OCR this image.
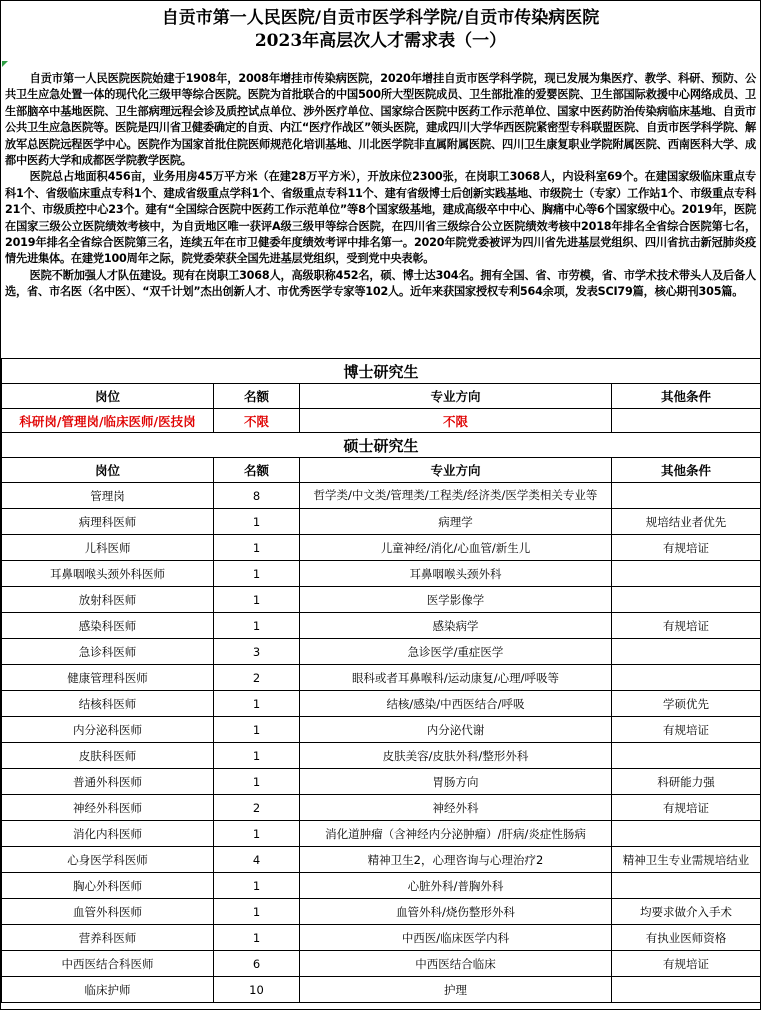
自贡市第一人民医院/自贡市医学科学院/自贡市传染病医院
2023年高层次人才需求表（一）

自贡市第一人民医院医院始建于1908年，2008年增挂市传染病医院，2020年增挂自贡市医学科学院，现已发展为集医疗、教学、科研、预防、公共卫生应急处置一体的现代化三级甲等综合医院。医院为首批联合的中国500所大型医院成员、卫生部批准的爱婴医院、卫生部国际救援中心网络成员、卫生部脑卒中基地医院、卫生部病理远程会诊及质控试点单位、涉外医疗单位、国家综合医院中医药工作示范单位、国家中医药防治传染病临床基地、自贡市公共卫生应急医院等。医院是四川省卫健委确定的自贡、内江“医疗作战区”领头医院，建成四川大学华西医院紧密型专科联盟医院、自贡市医学科学院、解放军总医院远程医学中心。医院作为国家首批住院医师规范化培训基地、川北医学院非直属附属医院、四川卫生康复职业学院附属医院、西南医科大学、成都中医药大学和成都医学院教学医院。

医院总占地面积456亩，业务用房45万平方米（在建28万平方米），开放床位2300张，在岗职工3068人，内设科室69个。在建国家级临床重点专科1个、省级临床重点专科1个、建成省级重点学科1个、省级重点专科11个、建有省级博士后创新实践基地、市级院士（专家）工作站1个、市级重点专科21个、市级质控中心23个。建有“全国综合医院中医药工作示范单位”等8个国家级基地，建成高级卒中中心、胸痛中心等6个国家级中心。2019年，医院在国家三级公立医院绩效考核中，为自贡地区唯一获评A级三级甲等综合医院，在四川省三级综合公立医院绩效考核中2018年排名全省综合医院第七名，2019年排名全省综合医院第三名，连续五年在市卫健委年度绩效考评中排名第一。2020年院党委被评为四川省先进基层党组织、四川省抗击新冠肺炎疫情先进集体。在建党100周年之际，院党委荣获全国先进基层党组织，受到党中央表彰。

医院不断加强人才队伍建设。现有在岗职工3068人，高级职称452名，硕、博士达304名。拥有全国、省、市劳模，省、市学术技术带头人及后备人选，省、市名医（名中医）、“双千计划”杰出创新人才、市优秀医学专家等102人。近年来获国家授权专利564余项，发表SCI79篇，核心期刊305篇。

博士研究生			
岗位	名额	专业方向	其他条件
科研岗/管理岗/临床医师/医技岗	不限	不限	
硕士研究生			
岗位	名额	专业方向	其他条件
管理岗	8	哲学类/中文类/管理类/工程类/经济类/医学类相关专业等	
病理科医师	1	病理学	规培结业者优先
儿科医师	1	儿童神经/消化/心血管/新生儿	有规培证
耳鼻咽喉头颈外科医师	1	耳鼻咽喉头颈外科	
放射科医师	1	医学影像学	
感染科医师	1	感染病学	有规培证
急诊科医师	3	急诊医学/重症医学	
健康管理科医师	2	眼科或者耳鼻喉科/运动康复/心理/呼吸等	
结核科医师	1	结核/感染/中西医结合/呼吸	学硕优先
内分泌科医师	1	内分泌代谢	有规培证
皮肤科医师	1	皮肤美容/皮肤外科/整形外科	
普通外科医师	1	胃肠方向	科研能力强
神经外科医师	2	神经外科	有规培证
消化内科医师	1	消化道肿瘤（含神经内分泌肿瘤）/肝病/炎症性肠病	
心身医学科医师	4	精神卫生2，心理咨询与心理治疗2	精神卫生专业需规培结业
胸心外科医师	1	心脏外科/普胸外科	
血管外科医师	1	血管外科/烧伤整形外科	均要求做介入手术
营养科医师	1	中西医/临床医学内科	有执业医师资格
中西医结合科医师	6	中西医结合临床	有规培证
临床护师	10	护理	
